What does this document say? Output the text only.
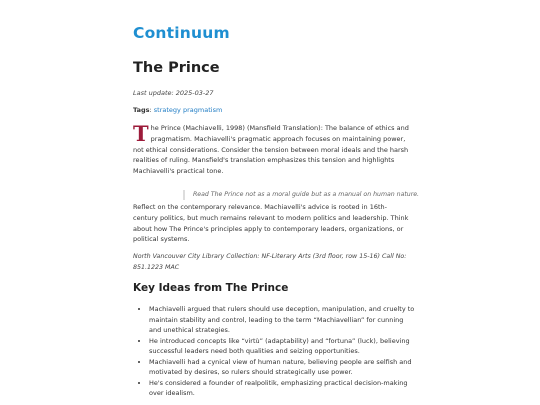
Continuum
The Prince
Last update: 2025-03-27
Tags: strategy pragmatism

The Prince (Machiavelli, 1998) (Mansfield Translation): The balance of ethics and pragmatism. Machiavelli's pragmatic approach focuses on maintaining power, not ethical considerations. Consider the tension between moral ideals and the harsh realities of ruling. Mansfield's translation emphasizes this tension and highlights Machiavelli's practical tone.

Read The Prince not as a moral guide but as a manual on human nature.

Reflect on the contemporary relevance. Machiavelli's advice is rooted in 16th-century politics, but much remains relevant to modern politics and leadership. Think about how The Prince's principles apply to contemporary leaders, organizations, or political systems.

North Vancouver City Library Collection: NF-Literary Arts (3rd floor, row 15-16) Call No: 851.1223 MAC
Key Ideas from The Prince
• Machiavelli argued that rulers should use deception, manipulation, and cruelty to maintain stability and control, leading to the term “Machiavellian” for cunning and unethical strategies.
• He introduced concepts like “virtù” (adaptability) and “fortuna” (luck), believing successful leaders need both qualities and seizing opportunities.
• Machiavelli had a cynical view of human nature, believing people are selfish and motivated by desires, so rulers should strategically use power.
• He's considered a founder of realpolitik, emphasizing practical decision-making over idealism.
